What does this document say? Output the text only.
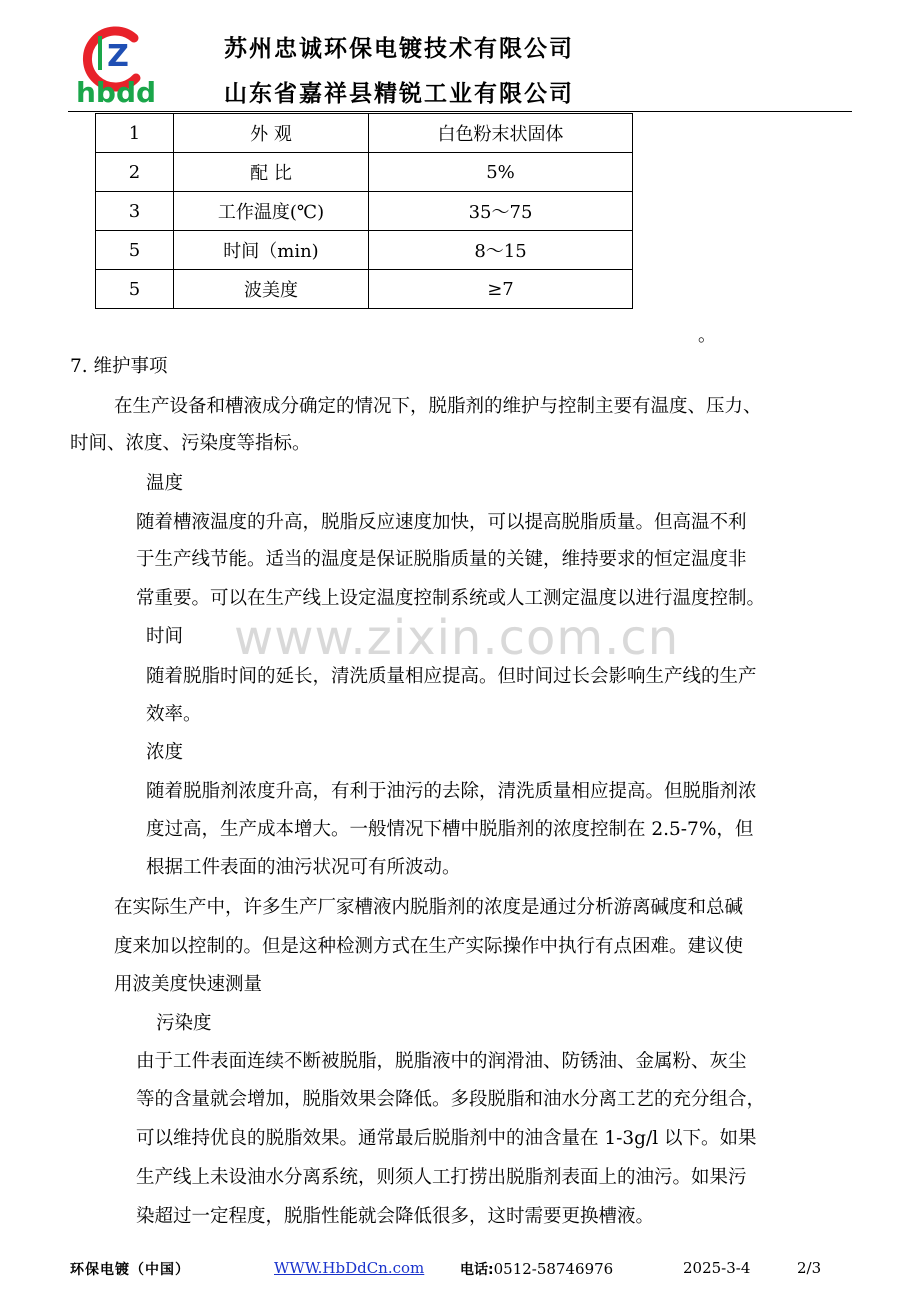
Z
hbdd
苏州忠诚环保电镀技术有限公司
山东省嘉祥县精锐工业有限公司
1	外 观	白色粉末状固体
2	配 比	5%
3	工作温度(℃)	35～75
5	时间（min)	8～15
5	波美度	≥7
。
www.zixin.com.cn
7. 维护事项
在生产设备和槽液成分确定的情况下，脱脂剂的维护与控制主要有温度、压力、
时间、浓度、污染度等指标。
温度
随着槽液温度的升高，脱脂反应速度加快，可以提高脱脂质量。但高温不利
于生产线节能。适当的温度是保证脱脂质量的关键，维持要求的恒定温度非
常重要。可以在生产线上设定温度控制系统或人工测定温度以进行温度控制。
时间
随着脱脂时间的延长，清洗质量相应提高。但时间过长会影响生产线的生产
效率。
浓度
随着脱脂剂浓度升高，有利于油污的去除，清洗质量相应提高。但脱脂剂浓
度过高，生产成本增大。一般情况下槽中脱脂剂的浓度控制在 2.5-7%，但
根据工件表面的油污状况可有所波动。
在实际生产中，许多生产厂家槽液内脱脂剂的浓度是通过分析游离碱度和总碱
度来加以控制的。但是这种检测方式在生产实际操作中执行有点困难。建议使
用波美度快速测量
污染度
由于工件表面连续不断被脱脂，脱脂液中的润滑油、防锈油、金属粉、灰尘
等的含量就会增加，脱脂效果会降低。多段脱脂和油水分离工艺的充分组合，
可以维持优良的脱脂效果。通常最后脱脂剂中的油含量在 1-3g/l 以下。如果
生产线上未设油水分离系统，则须人工打捞出脱脂剂表面上的油污。如果污
染超过一定程度，脱脂性能就会降低很多，这时需要更换槽液。
环保电镀（中国）	WWW.HbDdCn.com	电话:0512-58746976	2025-3-4	2/3
